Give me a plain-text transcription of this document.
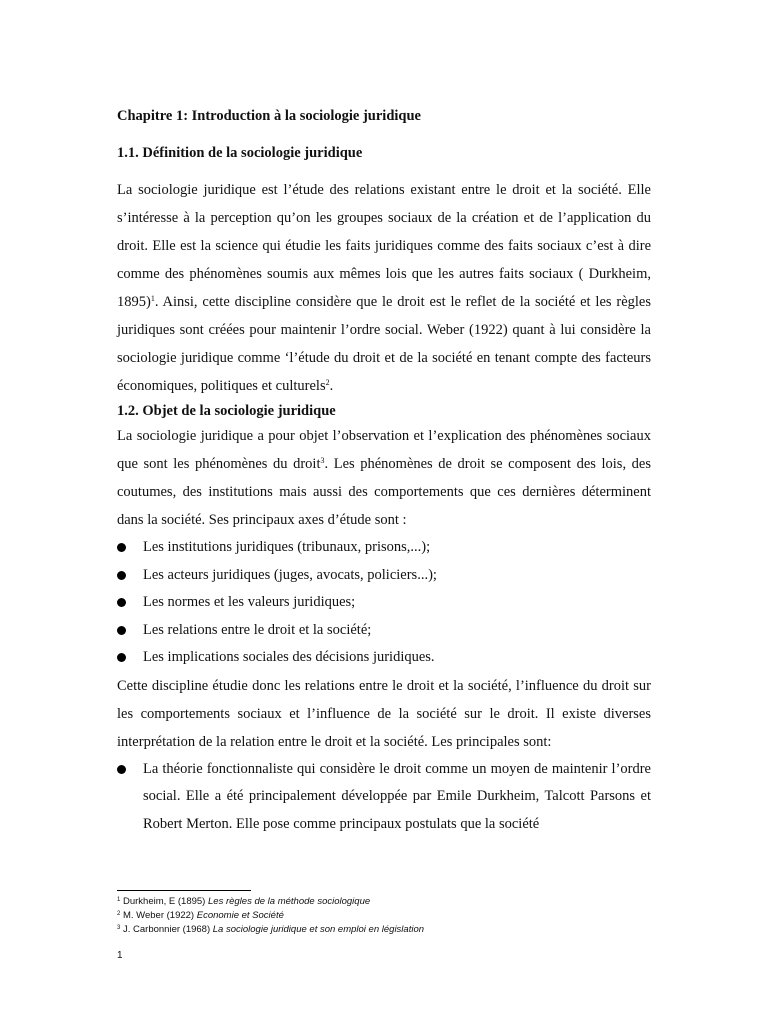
Chapitre 1: Introduction à la sociologie juridique
1.1. Définition de la sociologie juridique

La sociologie juridique est l’étude des relations existant entre le droit et la société. Elle s’intéresse à la perception qu’on les groupes sociaux de la création et de l’application du droit. Elle est la science qui étudie les faits juridiques comme des faits sociaux c’est à dire comme des phénomènes soumis aux mêmes lois que les autres faits sociaux ( Durkheim, 1895)$^1$. Ainsi, cette discipline considère que le droit est le reflet de la société et les règles juridiques sont créées pour maintenir l’ordre social. Weber (1922) quant à lui considère la sociologie juridique comme ‘l’étude du droit et de la société en tenant compte des facteurs économiques, politiques et culturels$^2$.

1.2. Objet de la sociologie juridique

La sociologie juridique a pour objet l’observation et l’explication des phénomènes sociaux que sont les phénomènes du droit$^3$. Les phénomènes de droit se composent des lois, des coutumes, des institutions mais aussi des comportements que ces dernières déterminent dans la société. Ses principaux axes d’étude sont :

Les institutions juridiques (tribunaux, prisons,...);
Les acteurs juridiques (juges, avocats, policiers...);
Les normes et les valeurs juridiques;
Les relations entre le droit et la société;
Les implications sociales des décisions juridiques.

Cette discipline étudie donc les relations entre le droit et la société, l’influence du droit sur les comportements sociaux et l’influence de la société sur le droit. Il existe diverses interprétation de la relation entre le droit et la société. Les principales sont:

La théorie fonctionnaliste qui considère le droit comme un moyen de maintenir l’ordre social. Elle a été principalement développée par Emile Durkheim, Talcott Parsons et Robert Merton. Elle pose comme principaux postulats que la société
$^1$ Durkheim, E (1895) Les règles de la méthode sociologique
$^2$ M. Weber (1922) Economie et Société
$^3$ J. Carbonnier (1968) La sociologie juridique et son emploi en législation
1
